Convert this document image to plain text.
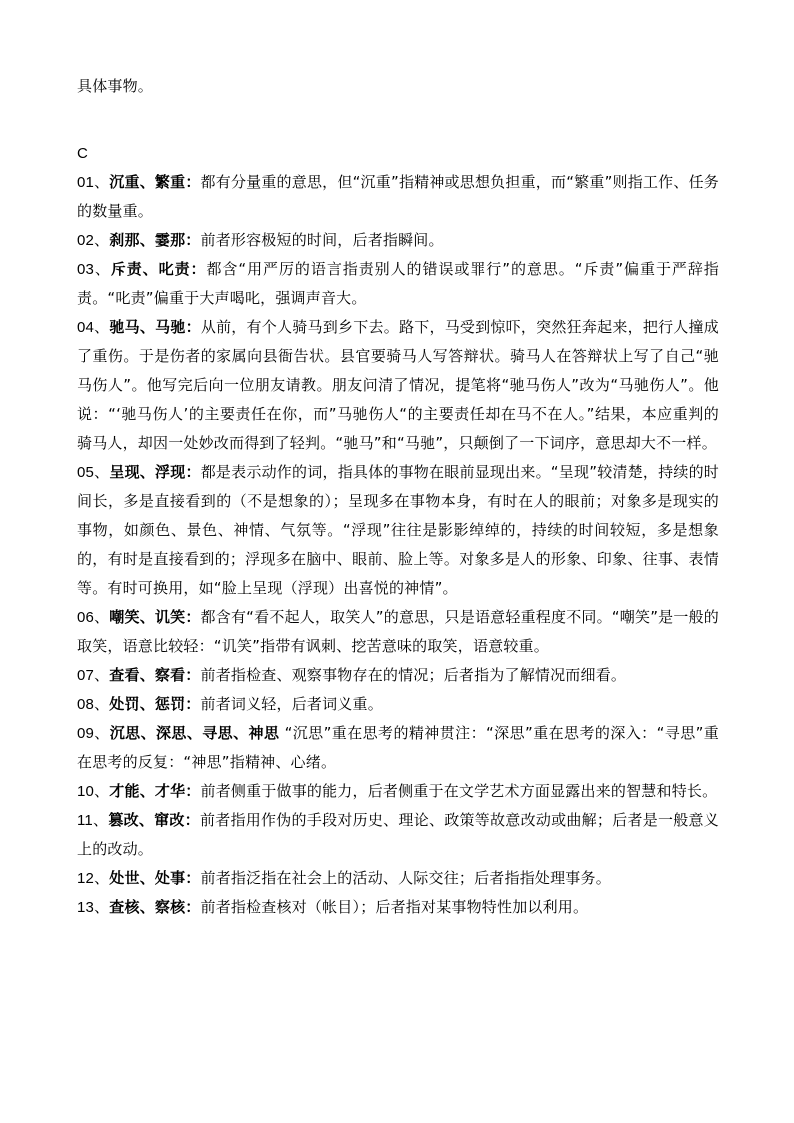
具体事物。

C

01、沉重、繁重：都有分量重的意思，但“沉重”指精神或思想负担重，而“繁重”则指工作、任务的数量重。

02、刹那、霎那：前者形容极短的时间，后者指瞬间。

03、斥责、叱责：都含“用严厉的语言指责别人的错误或罪行”的意思。“斥责”偏重于严辞指责。“叱责”偏重于大声喝叱，强调声音大。

04、驰马、马驰：从前，有个人骑马到乡下去。路下，马受到惊吓，突然狂奔起来，把行人撞成了重伤。于是伤者的家属向县衙告状。县官要骑马人写答辩状。骑马人在答辩状上写了自己“驰马伤人”。他写完后向一位朋友请教。朋友问清了情况，提笔将“驰马伤人”改为“马驰伤人”。他说：“‘驰马伤人’的主要责任在你，而”马驰伤人“的主要责任却在马不在人。”结果，本应重判的骑马人，却因一处妙改而得到了轻判。“驰马”和“马驰”，只颠倒了一下词序，意思却大不一样。

05、呈现、浮现：都是表示动作的词，指具体的事物在眼前显现出来。“呈现”较清楚，持续的时间长，多是直接看到的（不是想象的）；呈现多在事物本身，有时在人的眼前；对象多是现实的事物，如颜色、景色、神情、气氛等。“浮现”往往是影影绰绰的，持续的时间较短，多是想象的，有时是直接看到的；浮现多在脑中、眼前、脸上等。对象多是人的形象、印象、往事、表情等。有时可换用，如“脸上呈现（浮现）出喜悦的神情”。

06、嘲笑、讥笑：都含有“看不起人，取笑人”的意思，只是语意轻重程度不同。“嘲笑”是一般的取笑，语意比较轻：“讥笑”指带有讽刺、挖苦意味的取笑，语意较重。

07、查看、察看：前者指检查、观察事物存在的情况；后者指为了解情况而细看。

08、处罚、惩罚：前者词义轻，后者词义重。

09、沉思、深思、寻思、神思 “沉思”重在思考的精神贯注：“深思”重在思考的深入：“寻思”重在思考的反复：“神思”指精神、心绪。

10、才能、才华：前者侧重于做事的能力，后者侧重于在文学艺术方面显露出来的智慧和特长。

11、篡改、窜改：前者指用作伪的手段对历史、理论、政策等故意改动或曲解；后者是一般意义上的改动。

12、处世、处事：前者指泛指在社会上的活动、人际交往；后者指指处理事务。

13、查核、察核：前者指检查核对（帐目）；后者指对某事物特性加以利用。
